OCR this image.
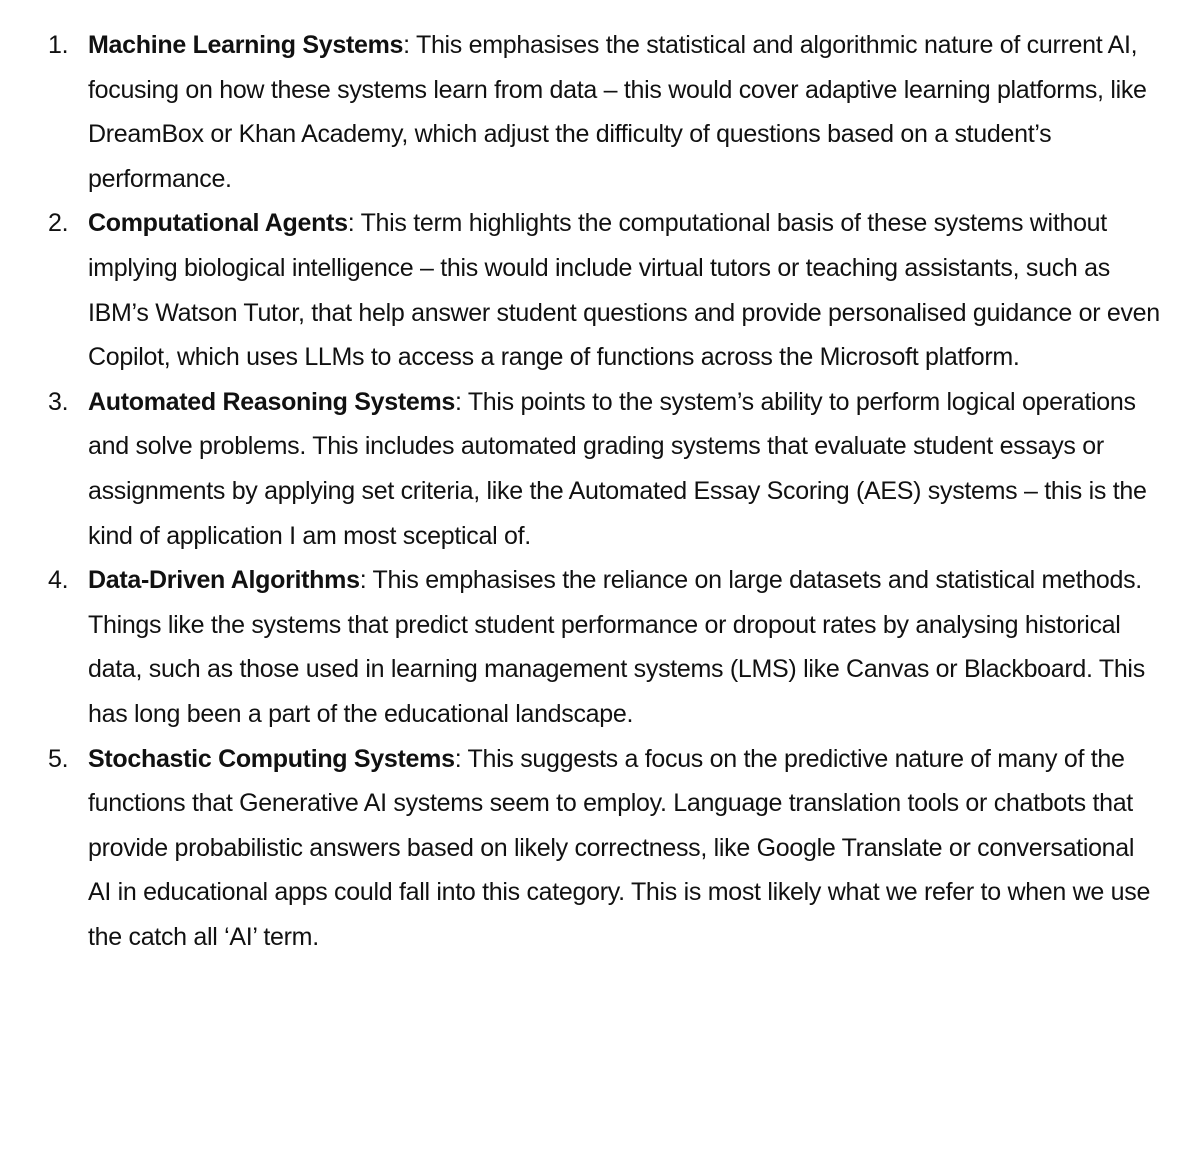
1. Machine Learning Systems: This emphasises the statistical and algorithmic nature of current AI, focusing on how these systems learn from data – this would cover adaptive learning platforms, like DreamBox or Khan Academy, which adjust the difficulty of questions based on a student’s performance.
2. Computational Agents: This term highlights the computational basis of these systems without implying biological intelligence – this would include virtual tutors or teaching assistants, such as IBM’s Watson Tutor, that help answer student questions and provide personalised guidance or even Copilot, which uses LLMs to access a range of functions across the Microsoft platform.
3. Automated Reasoning Systems: This points to the system’s ability to perform logical operations and solve problems. This includes automated grading systems that evaluate student essays or assignments by applying set criteria, like the Automated Essay Scoring (AES) systems – this is the kind of application I am most sceptical of.
4. Data-Driven Algorithms: This emphasises the reliance on large datasets and statistical methods. Things like the systems that predict student performance or dropout rates by analysing historical data, such as those used in learning management systems (LMS) like Canvas or Blackboard. This has long been a part of the educational landscape.
5. Stochastic Computing Systems: This suggests a focus on the predictive nature of many of the functions that Generative AI systems seem to employ. Language translation tools or chatbots that provide probabilistic answers based on likely correctness, like Google Translate or conversational AI in educational apps could fall into this category. This is most likely what we refer to when we use the catch all ‘AI’ term.
